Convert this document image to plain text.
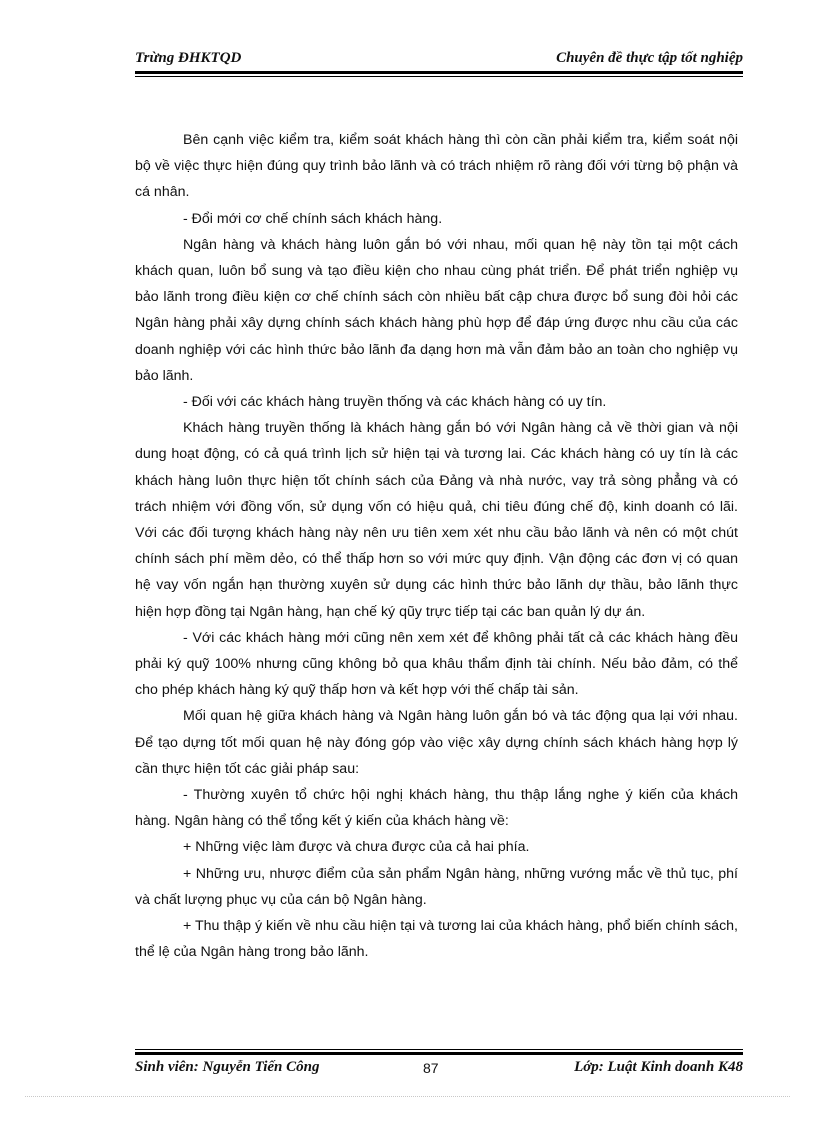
Trừng ĐHKTQD	Chuyên đề thực tập tốt nghiệp

Bên cạnh việc kiểm tra, kiểm soát khách hàng thì còn cần phải kiểm tra, kiểm soát nội bộ về việc thực hiện đúng quy trình bảo lãnh và có trách nhiệm rõ ràng đối với từng bộ phận và cá nhân.

- Đổi mới cơ chế chính sách khách hàng.

Ngân hàng và khách hàng luôn gắn bó với nhau, mối quan hệ này tồn tại một cách khách quan, luôn bổ sung và tạo điều kiện cho nhau cùng phát triển. Để phát triển nghiệp vụ bảo lãnh trong điều kiện cơ chế chính sách còn nhiều bất cập chưa được bổ sung đòi hỏi các Ngân hàng phải xây dựng chính sách khách hàng phù hợp để đáp ứng được nhu cầu của các doanh nghiệp với các hình thức bảo lãnh đa dạng hơn mà vẫn đảm bảo an toàn cho nghiệp vụ bảo lãnh.

- Đối với các khách hàng truyền thống và các khách hàng có uy tín.

Khách hàng truyền thống là khách hàng gắn bó với Ngân hàng cả về thời gian và nội dung hoạt động, có cả quá trình lịch sử hiện tại và tương lai. Các khách hàng có uy tín là các khách hàng luôn thực hiện tốt chính sách của Đảng và nhà nước, vay trả sòng phẳng và có trách nhiệm với đồng vốn, sử dụng vốn có hiệu quả, chi tiêu đúng chế độ, kinh doanh có lãi. Với các đối tượng khách hàng này nên ưu tiên xem xét nhu cầu bảo lãnh và nên có một chút chính sách phí mềm dẻo, có thể thấp hơn so với mức quy định. Vận động các đơn vị có quan hệ vay vốn ngắn hạn thường xuyên sử dụng các hình thức bảo lãnh dự thầu, bảo lãnh thực hiện hợp đồng tại Ngân hàng, hạn chế ký qũy trực tiếp tại các ban quản lý dự án.

- Với các khách hàng mới cũng nên xem xét để không phải tất cả các khách hàng đều phải ký quỹ 100% nhưng cũng không bỏ qua khâu thẩm định tài chính. Nếu bảo đảm, có thể cho phép khách hàng ký quỹ thấp hơn và kết hợp với thế chấp tài sản.

Mối quan hệ giữa khách hàng và Ngân hàng luôn gắn bó và tác động qua lại với nhau. Để tạo dựng tốt mối quan hệ này đóng góp vào việc xây dựng chính sách khách hàng hợp lý cần thực hiện tốt các giải pháp sau:

- Thường xuyên tổ chức hội nghị khách hàng, thu thập lắng nghe ý kiến của khách hàng. Ngân hàng có thể tổng kết ý kiến của khách hàng về:

+ Những việc làm được và chưa được của cả hai phía.

+ Những ưu, nhược điểm của sản phẩm Ngân hàng, những vướng mắc về thủ tục, phí và chất lượng phục vụ của cán bộ Ngân hàng.

+ Thu thập ý kiến về nhu cầu hiện tại và tương lai của khách hàng, phổ biến chính sách, thể lệ của Ngân hàng trong bảo lãnh.

Sinh viên: Nguyễn Tiến Công	87	Lớp: Luật Kinh doanh K48
